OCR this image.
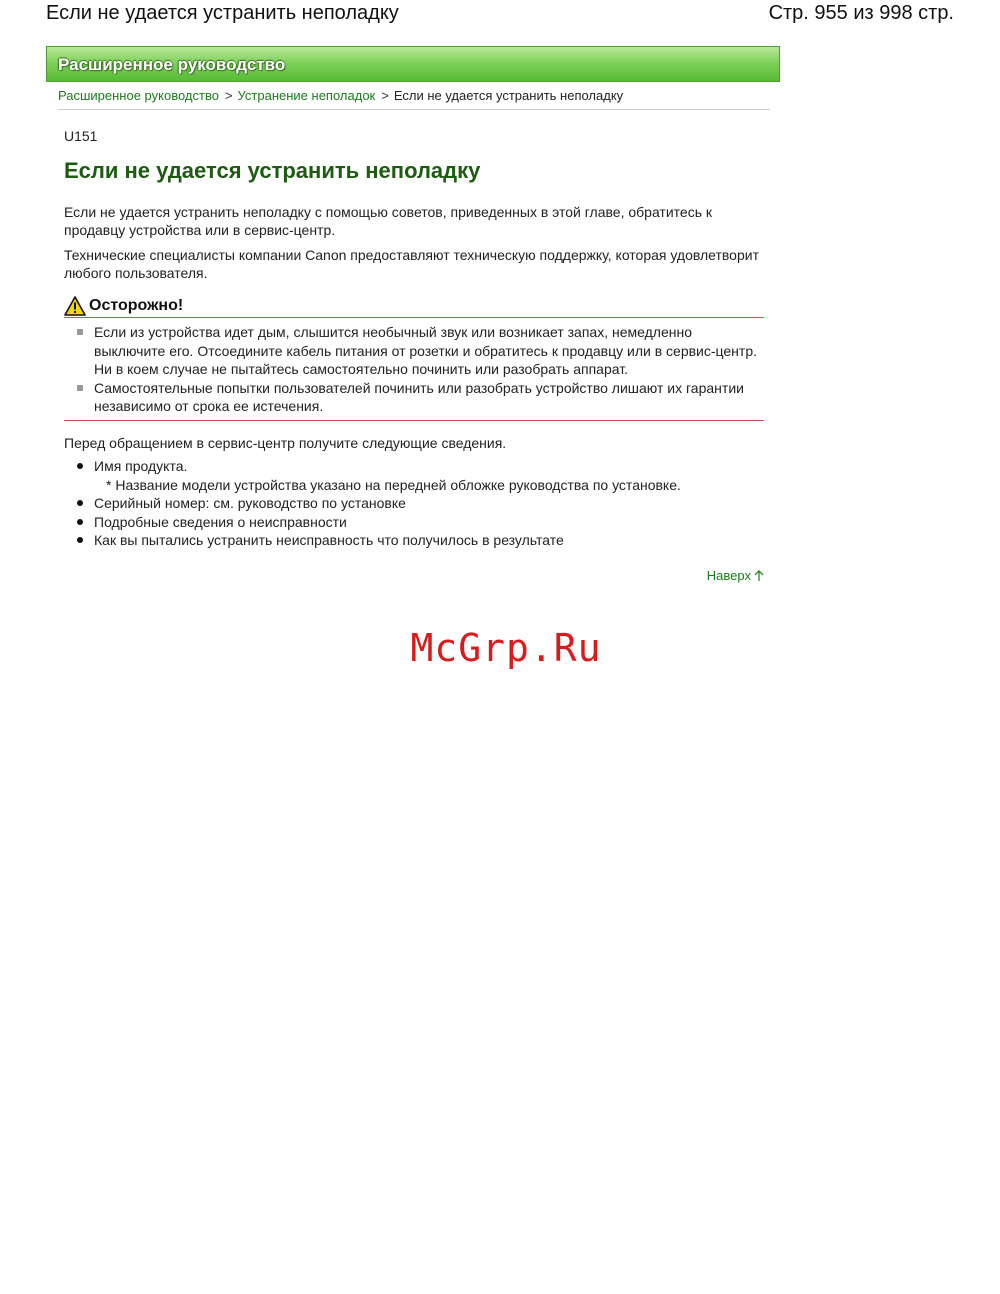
Если не удается устранить неполадку	Стр. 955 из 998 стр.
Расширенное руководство
Расширенное руководство > Устранение неполадок > Если не удается устранить неполадку
U151
Если не удается устранить неполадку

Если не удается устранить неполадку с помощью советов, приведенных в этой главе, обратитесь к продавцу устройства или в сервис-центр.

Технические специалисты компании Canon предоставляют техническую поддержку, которая удовлетворит любого пользователя.

Осторожно!
Если из устройства идет дым, слышится необычный звук или возникает запах, немедленно выключите его. Отсоедините кабель питания от розетки и обратитесь к продавцу или в сервис-центр. Ни в коем случае не пытайтесь самостоятельно починить или разобрать аппарат.
Самостоятельные попытки пользователей починить или разобрать устройство лишают их гарантии независимо от срока ее истечения.

Перед обращением в сервис-центр получите следующие сведения.

Имя продукта.
* Название модели устройства указано на передней обложке руководства по установке.
Серийный номер: см. руководство по установке
Подробные сведения о неисправности
Как вы пытались устранить неисправность что получилось в результате
Наверх
McGrp.Ru
